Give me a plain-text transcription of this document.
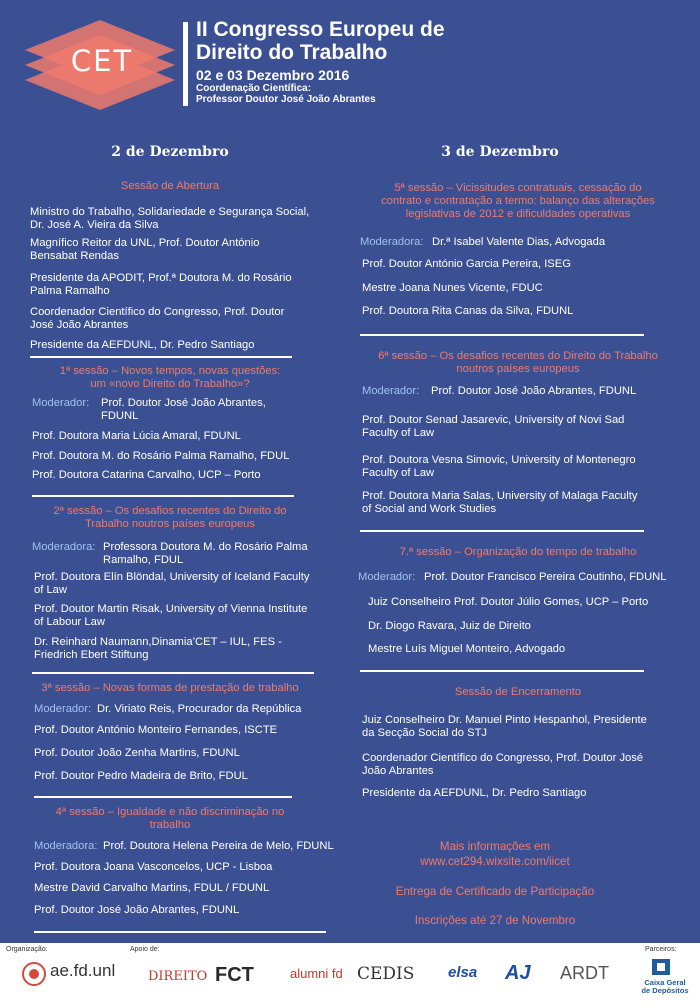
CET
II Congresso Europeu de
Direito do Trabalho
02 e 03 Dezembro 2016
Coordenação Científica:
Professor Doutor José João Abrantes
2 de Dezembro	3 de Dezembro
Sessão de Abertura
Ministro do Trabalho, Solidariedade e Segurança Social,
Dr. José A. Vieira da Silva
Magnífico Reitor da UNL, Prof. Doutor António
Bensabat Rendas
Presidente da APODIT, Prof.ª Doutora M. do Rosário
Palma Ramalho
Coordenador Científico do Congresso, Prof. Doutor
José João Abrantes
Presidente da AEFDUNL, Dr. Pedro Santiago
1ª sessão – Novos tempos, novas questões:
um «novo Direito do Trabalho»?
Moderador: Prof. Doutor José João Abrantes,
FDUNL
Prof. Doutora Maria Lúcia Amaral, FDUNL
Prof. Doutora M. do Rosário Palma Ramalho, FDUL
Prof. Doutora Catarina Carvalho, UCP – Porto
2ª sessão – Os desafios recentes do Direito do
Trabalho noutros países europeus
Moderadora: Professora Doutora M. do Rosário Palma
Ramalho, FDUL
Prof. Doutora Elín Blöndal, University of Iceland Faculty
of Law
Prof. Doutor Martin Risak, University of Vienna Institute
of Labour Law
Dr. Reinhard Naumann,Dinamia’CET – IUL, FES -
Friedrich Ebert Stiftung
3ª sessão – Novas formas de prestação de trabalho
Moderador: Dr. Viriato Reis, Procurador da República
Prof. Doutor António Monteiro Fernandes, ISCTE
Prof. Doutor João Zenha Martins, FDUNL
Prof. Doutor Pedro Madeira de Brito, FDUL
4ª sessão – Igualdade e não discriminação no
trabalho
Moderadora: Prof. Doutora Helena Pereira de Melo, FDUNL
Prof. Doutora Joana Vasconcelos, UCP - Lisboa
Mestre David Carvalho Martins, FDUL / FDUNL
Prof. Doutor José João Abrantes, FDUNL
5ª sessão – Vicissitudes contratuais, cessação do
contrato e contratação a termo: balanço das alterações
legislativas de 2012 e dificuldades operativas
Moderadora: Dr.ª Isabel Valente Dias, Advogada
Prof. Doutor António Garcia Pereira, ISEG
Mestre Joana Nunes Vicente, FDUC
Prof. Doutora Rita Canas da Silva, FDUNL
6ª sessão – Os desafios recentes do Direito do Trabalho
noutros países europeus
Moderador: Prof. Doutor José João Abrantes, FDUNL
Prof. Doutor Senad Jasarevic, University of Novi Sad
Faculty of Law
Prof. Doutora Vesna Simovic, University of Montenegro
Faculty of Law
Prof. Doutora Maria Salas, University of Malaga Faculty
of Social and Work Studies
7.ª sessão – Organização do tempo de trabalho
Moderador: Prof. Doutor Francisco Pereira Coutinho, FDUNL
Juiz Conselheiro Prof. Doutor Júlio Gomes, UCP – Porto
Dr. Diogo Ravara, Juiz de Direito
Mestre Luís Miguel Monteiro, Advogado
Sessão de Encerramento
Juiz Conselheiro Dr. Manuel Pinto Hespanhol, Presidente
da Secção Social do STJ
Coordenador Científico do Congresso, Prof. Doutor José
João Abrantes
Presidente da AEFDUNL, Dr. Pedro Santiago
Mais informações em
www.cet294.wixsite.com/iicet
Entrega de Certificado de Participação
Inscrições até 27 de Novembro
Organização:	Apoio de:	Parceiros:
ae.fd.unl	DIREITO FCT	alumni fd CEDIS elsa AJ ARDT	Caixa Geral
de Depósitos
